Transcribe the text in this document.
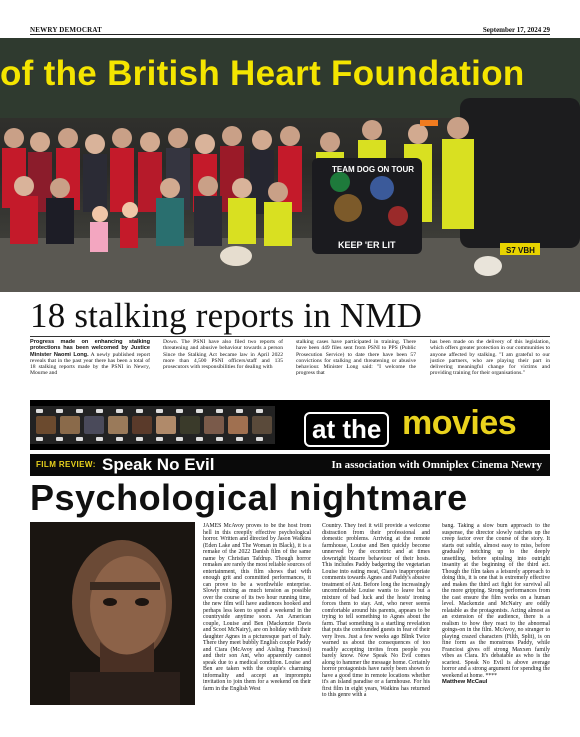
NEWRY DEMOCRAT	September 17, 2024 29
TEAM DOG ON TOUR
KEEP 'ER LIT
S7 VBH
of the British Heart Foundation
18 stalking reports in NMD
Progress made on enhancing stalking protections has been welcomed by Justice Minister Naomi Long. A newly published report reveals that in the past year there has been a total of 18 stalking reports made by the PSNI in Newry, Mourne and
Down. The PSNI have also filed two reports of threatening and abusive behaviour towards a person Since the Stalking Act became law in April 2022 more than 4,500 PSNI officers/staff and 135 prosecutors with responsibilities for dealing with
stalking cases have participated in training. There have been 449 files sent from PSNI to PPS (Public Prosecution Service) to date there have been 57 convictions for stalking and threatening or abusive behaviour. Minister Long said: "I welcome the progress that
has been made on the delivery of this legislation, which offers greater protection in our communities to anyone affected by stalking. "I am grateful to our justice partners, who are playing their part in delivering meaningful change for victims and providing training for their organisations."
at the movies
FILM REVIEW: Speak No Evil	In association with Omniplex Cinema Newry
Psychological nightmare
JAMES McAvoy proves to be the host from hell in this creepily effective psychological horror. Written and directed by Jason Watkins (Eden Lake and The Woman in Black), it is a remake of the 2022 Danish film of the same name by Christian Tafdrup. Though horror remakes are rarely the most reliable sources of entertainment, this film shows that with enough grit and committed performances, it can prove to be a worthwhile enterprise. Slowly mixing as much tension as possible over the course of its two hour running time, the new film will have audiences hooked and perhaps less keen to spend a weekend in the countryside anytime soon. An American couple, Louise and Ben (Mackenzie Davis and Scoot McNairy), are on holiday with their daughter Agnes in a picturesque part of Italy. There they meet bubbly English couple Paddy and Ciara (McAvoy and Aisling Franciosi) and their son Ant, who apparently cannot speak due to a medical condition. Louise and Ben are taken with the couple's charming informality and accept an impromptu invitation to join them for a weekend on their farm in the English West
Country. They feel it will provide a welcome distraction from their professional and domestic problems. Arriving at the remote farmhouse, Louise and Ben quickly become unnerved by the eccentric and at times downright bizarre behaviour of their hosts. This includes Paddy badgering the vegetarian Louise into eating meat, Ciara's inappropriate comments towards Agnes and Paddy's abusive treatment of Ant. Before long the increasingly uncomfortable Louise wants to leave but a mixture of bad luck and the hosts' ironing forces them to stay. Ant, who never seems comfortable around his parents, appears to be trying to tell something to Agnes about the farm. That something is a startling revelation that puts the confounded guests in fear of their very lives. Just a few weeks ago Blink Twice warned us about the consequences of too readily accepting invites from people you barely know. Now Speak No Evil comes along to hammer the message home. Certainly horror protagonists have rarely been shown to have a good time in remote locations whether it's an island paradise or a farmhouse. For his first film in eight years, Watkins has returned to this genre with a
bang. Taking a slow burn approach to the suspense, the director slowly ratchets up the creep factor over the course of the story. It starts out subtle, almost easy to miss, before gradually notching up to the deeply unsettling, before spiraling into outright insanity at the beginning of the third act. Though the film takes a leisurely approach to doing this, it is one that is extremely effective and makes the third act fight for survival all the more gripping. Strong performances from the cast ensure the film works on a human level. Mackenzie and McNairy are oddly relatable as the protagonists. Acting almost as an extension of the audience, there is a realism to how they react to the abnormal goings-on in the film. McAvoy, no stranger to playing crazed characters (Filth, Split), is on fine form as the monstrous Paddy, while Franciosi gives off strong Maxxen family vibes as Ciara. It's debatable as who is the scariest. Speak No Evil is above average horror and a strong argument for spending the weekend at home. ****
Matthew McCaul
